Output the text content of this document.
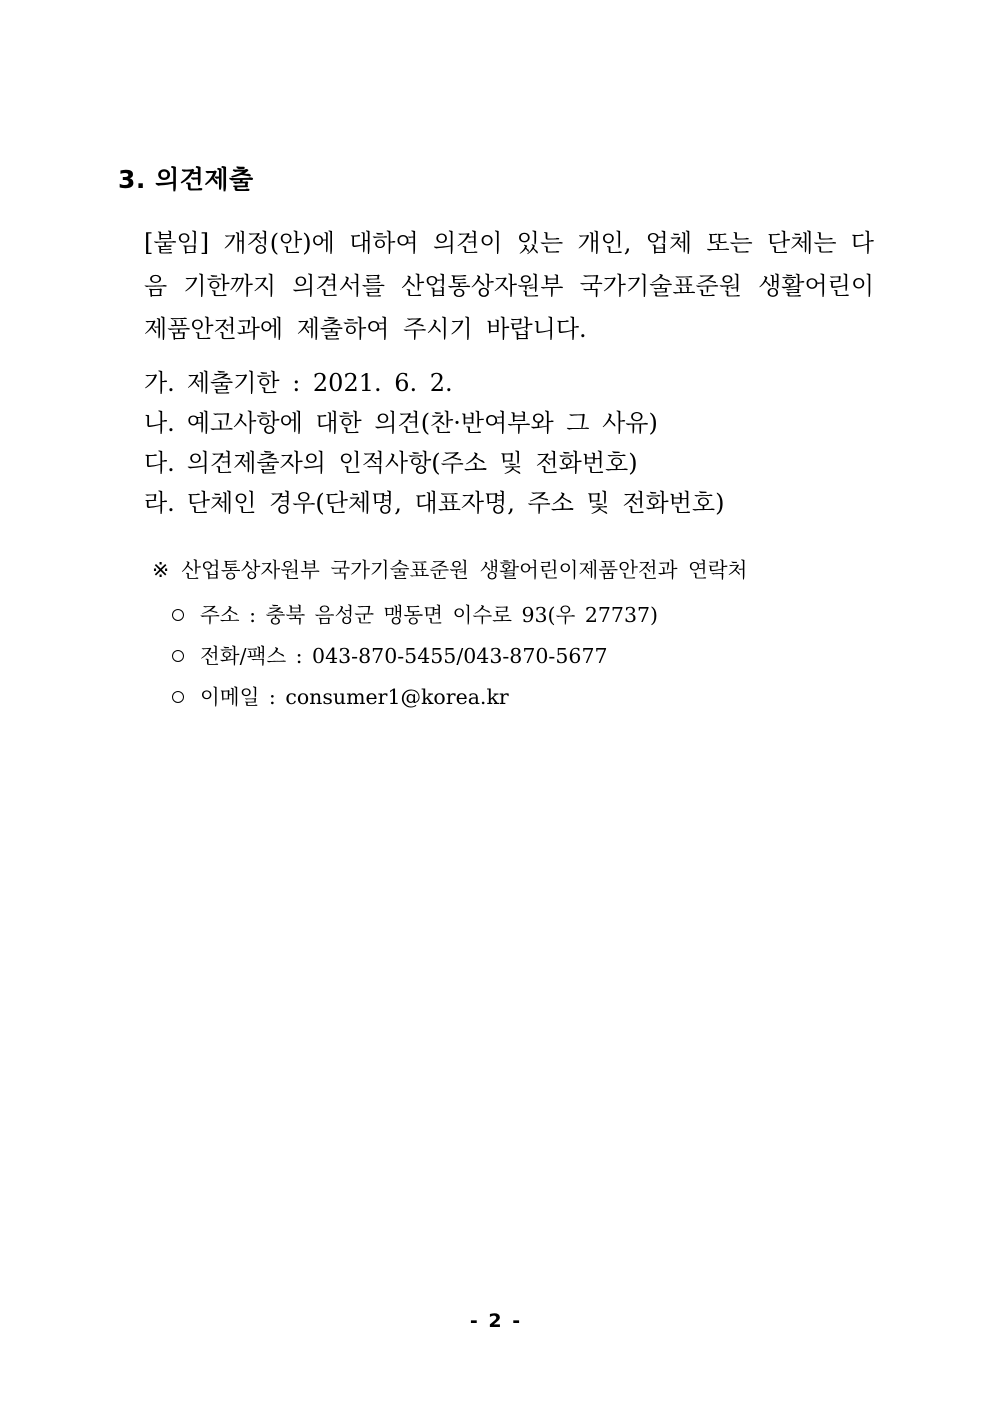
3. 의견제출

[붙임] 개정(안)에 대하여 의견이 있는 개인, 업체 또는 단체는 다음 기한까지 의견서를 산업통상자원부 국가기술표준원 생활어린이제품안전과에 제출하여 주시기 바랍니다.

가. 제출기한 : 2021. 6. 2.
나. 예고사항에 대한 의견(찬·반여부와 그 사유)
다. 의견제출자의 인적사항(주소 및 전화번호)
라. 단체인 경우(단체명, 대표자명, 주소 및 전화번호)
※ 산업통상자원부 국가기술표준원 생활어린이제품안전과 연락처
주소 : 충북 음성군 맹동면 이수로 93(우 27737)
전화/팩스 : 043-870-5455/043-870-5677
이메일 : consumer1@korea.kr
- 2 -
